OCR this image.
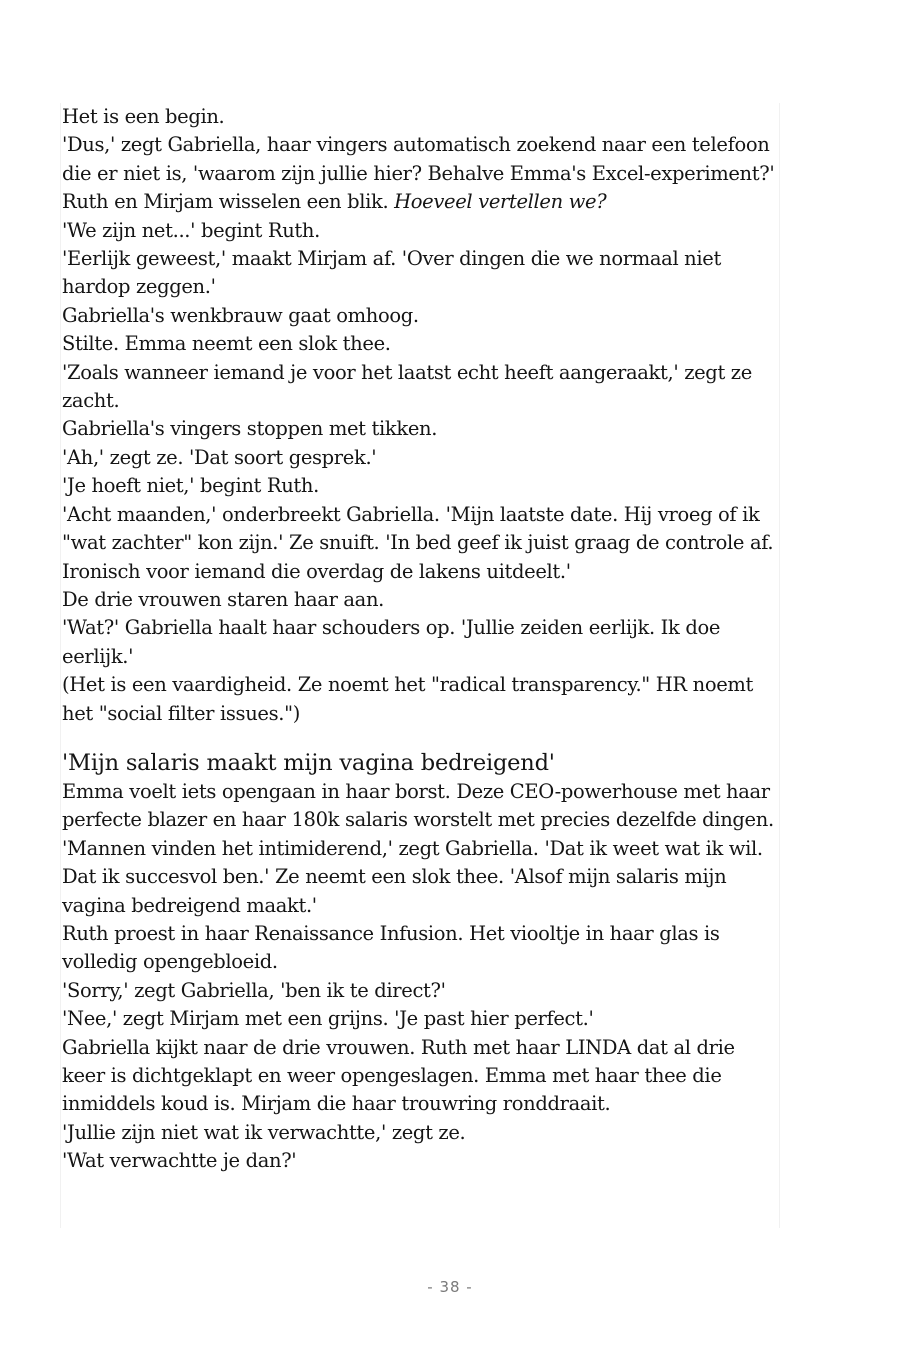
Het is een begin.

'Dus,' zegt Gabriella, haar vingers automatisch zoekend naar een telefoon die er niet is, 'waarom zijn jullie hier? Behalve Emma's Excel-experiment?'

Ruth en Mirjam wisselen een blik. Hoeveel vertellen we?

'We zijn net...' begint Ruth.

'Eerlijk geweest,' maakt Mirjam af. 'Over dingen die we normaal niet hardop zeggen.'

Gabriella's wenkbrauw gaat omhoog.

Stilte. Emma neemt een slok thee.

'Zoals wanneer iemand je voor het laatst echt heeft aangeraakt,' zegt ze zacht.

Gabriella's vingers stoppen met tikken.

'Ah,' zegt ze. 'Dat soort gesprek.'

'Je hoeft niet,' begint Ruth.

'Acht maanden,' onderbreekt Gabriella. 'Mijn laatste date. Hij vroeg of ik "wat zachter" kon zijn.' Ze snuift. 'In bed geef ik juist graag de controle af. Ironisch voor iemand die overdag de lakens uitdeelt.'

De drie vrouwen staren haar aan.

'Wat?' Gabriella haalt haar schouders op. 'Jullie zeiden eerlijk. Ik doe eerlijk.'

(Het is een vaardigheid. Ze noemt het "radical transparency." HR noemt het "social filter issues.")

'Mijn salaris maakt mijn vagina bedreigend'

Emma voelt iets opengaan in haar borst. Deze CEO-powerhouse met haar perfecte blazer en haar 180k salaris worstelt met precies dezelfde dingen.

'Mannen vinden het intimiderend,' zegt Gabriella. 'Dat ik weet wat ik wil. Dat ik succesvol ben.' Ze neemt een slok thee. 'Alsof mijn salaris mijn vagina bedreigend maakt.'

Ruth proest in haar Renaissance Infusion. Het viooltje in haar glas is volledig opengebloeid.

'Sorry,' zegt Gabriella, 'ben ik te direct?'

'Nee,' zegt Mirjam met een grijns. 'Je past hier perfect.'

Gabriella kijkt naar de drie vrouwen. Ruth met haar LINDA dat al drie keer is dichtgeklapt en weer opengeslagen. Emma met haar thee die inmiddels koud is. Mirjam die haar trouwring ronddraait.

'Jullie zijn niet wat ik verwachtte,' zegt ze.

'Wat verwachtte je dan?'

- 38 -
